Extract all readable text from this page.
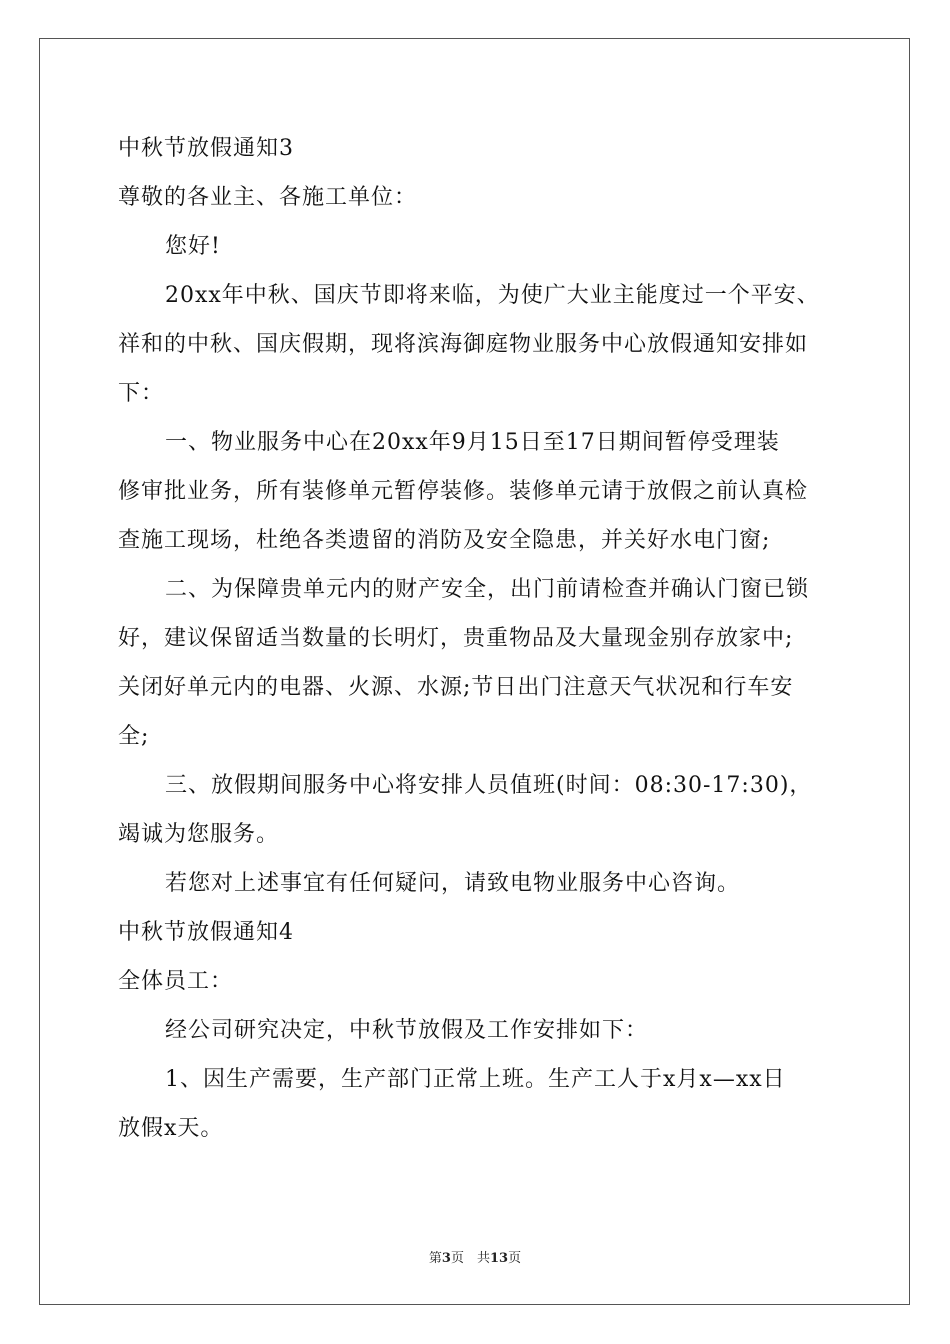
中秋节放假通知3
尊敬的各业主、各施工单位：
您好!
20xx年中秋、国庆节即将来临，为使广大业主能度过一个平安、
祥和的中秋、国庆假期，现将滨海御庭物业服务中心放假通知安排如
下：
一、物业服务中心在20xx年9月15日至17日期间暂停受理装
修审批业务，所有装修单元暂停装修。装修单元请于放假之前认真检
查施工现场，杜绝各类遗留的消防及安全隐患，并关好水电门窗;
二、为保障贵单元内的财产安全，出门前请检查并确认门窗已锁
好，建议保留适当数量的长明灯，贵重物品及大量现金别存放家中;
关闭好单元内的电器、火源、水源;节日出门注意天气状况和行车安
全;
三、放假期间服务中心将安排人员值班(时间：08:30-17:30)，
竭诚为您服务。
若您对上述事宜有任何疑问，请致电物业服务中心咨询。
中秋节放假通知4
全体员工：
经公司研究决定，中秋节放假及工作安排如下：
1、因生产需要，生产部门正常上班。生产工人于x月x—xx日
放假x天。
第3页　共13页
